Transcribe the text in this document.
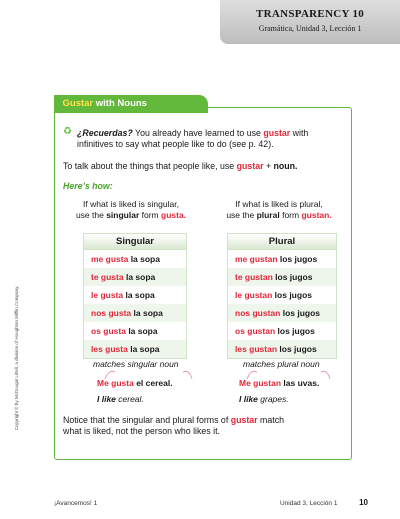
TRANSPARENCY 10
Gramática, Unidad 3, Lección 1
Copyright © by McDougal Littell, a division of Houghton Mifflin Company.
Gustar with Nouns
♻ ¿Recuerdas? You already have learned to use gustar with
infinitives to say what people like to do (see p. 42).
To talk about the things that people like, use gustar + noun.
Here’s how:
If what is liked is singular,
use the singular form gusta.
If what is liked is plural,
use the plural form gustan.
Singular
me gusta la sopa
te gusta la sopa
le gusta la sopa
nos gusta la sopa
os gusta la sopa
les gusta la sopa
Plural
me gustan los jugos
te gustan los jugos
le gustan los jugos
nos gustan los jugos
os gustan los jugos
les gustan los jugos
matches singular noun
Me gusta el cereal.
I like cereal.
matches plural noun
Me gustan las uvas.
I like grapes.
Notice that the singular and plural forms of gustar match
what is liked, not the person who likes it.
¡Avancemos! 1	Unidad 3, Lección 1	10
